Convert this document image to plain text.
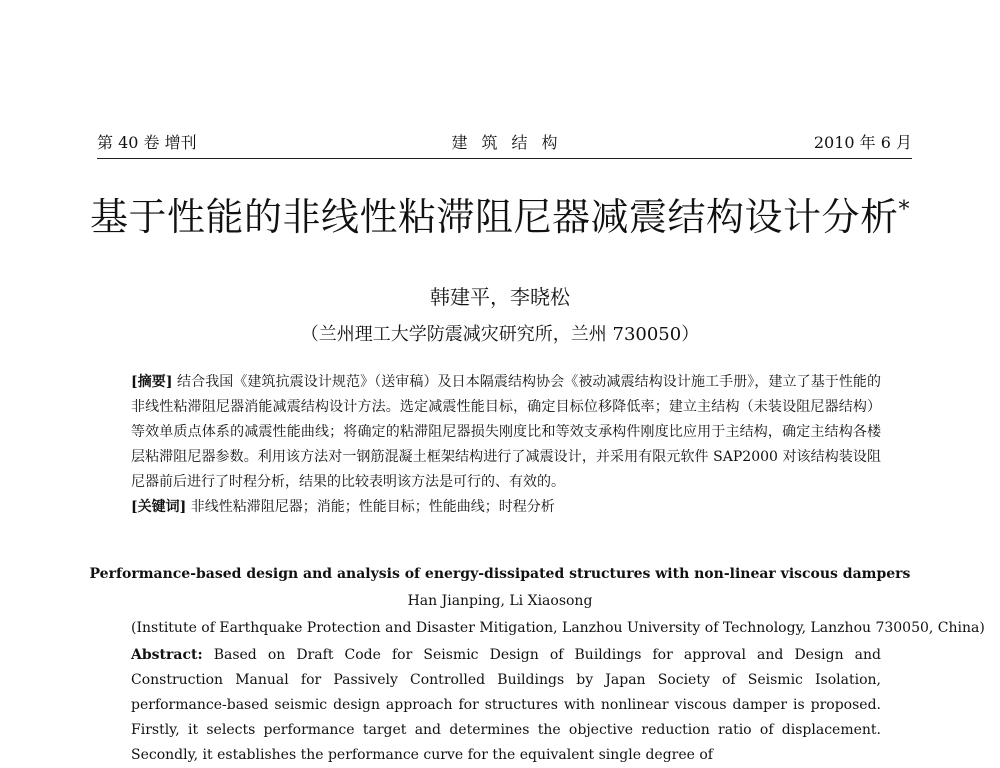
第 40 卷 增刊	建筑结构	2010 年 6 月
基于性能的非线性粘滞阻尼器减震结构设计分析*
韩建平，李晓松
（兰州理工大学防震减灾研究所，兰州 730050）
[摘要] 结合我国《建筑抗震设计规范》（送审稿）及日本隔震结构协会《被动减震结构设计施工手册》，建立了基于性能的非线性粘滞阻尼器消能减震结构设计方法。选定减震性能目标，确定目标位移降低率；建立主结构（未装设阻尼器结构）等效单质点体系的减震性能曲线；将确定的粘滞阻尼器损失刚度比和等效支承构件刚度比应用于主结构，确定主结构各楼层粘滞阻尼器参数。利用该方法对一钢筋混凝土框架结构进行了减震设计，并采用有限元软件 SAP2000 对该结构装设阻尼器前后进行了时程分析，结果的比较表明该方法是可行的、有效的。
[关键词] 非线性粘滞阻尼器；消能；性能目标；性能曲线；时程分析
Performance-based design and analysis of energy-dissipated structures with non-linear viscous dampers
Han Jianping, Li Xiaosong
(Institute of Earthquake Protection and Disaster Mitigation, Lanzhou University of Technology, Lanzhou 730050, China)
Abstract: Based on Draft Code for Seismic Design of Buildings for approval and Design and Construction Manual for Passively Controlled Buildings by Japan Society of Seismic Isolation, performance-based seismic design approach for structures with nonlinear viscous damper is proposed. Firstly, it selects performance target and determines the objective reduction ratio of displacement. Secondly, it establishes the performance curve for the equivalent single degree of
